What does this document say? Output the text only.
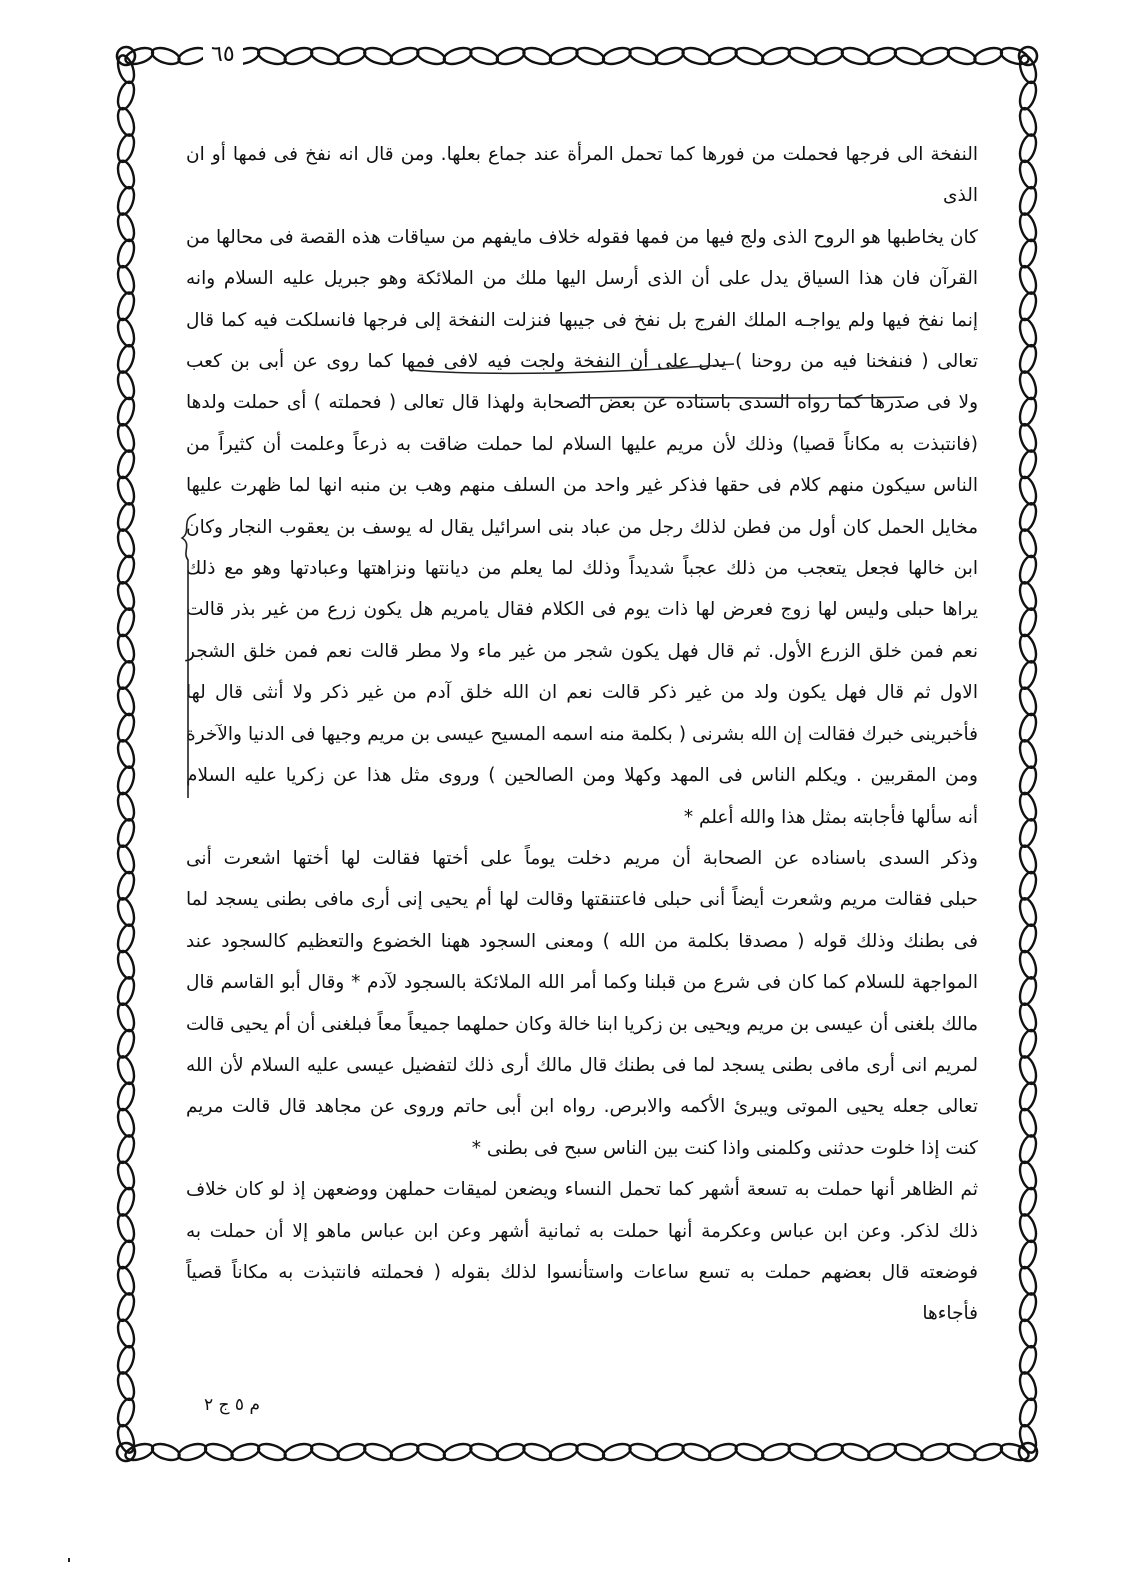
٦٥

النفخة الى فرجها فحملت من فورها كما تحمل المرأة عند جماع بعلها. ومن قال انه نفخ فى فمها أو ان الذى
كان يخاطبها هو الروح الذى ولج فيها من فمها فقوله خلاف مايفهم من سياقات هذه القصة فى محالها من
القرآن فان هذا السياق يدل على أن الذى أرسل اليها ملك من الملائكة وهو جبريل عليه السلام وانه
إنما نفخ فيها ولم يواجـه الملك الفرج بل نفخ فى جيبها فنزلت النفخة إلى فرجها فانسلكت فيه كما قال
تعالى ( فنفخنا فيه من روحنا ) يدل على أن النفخة ولجت فيه لافى فمها كما روى عن أبى بن كعب
ولا فى صدرها كما رواه السدى باسناده عن بعض الصحابة ولهذا قال تعالى ( فحملته ) أى حملت ولدها
(فانتبذت به مكاناً قصيا) وذلك لأن مريم عليها السلام لما حملت ضاقت به ذرعاً وعلمت أن كثيراً من
الناس سيكون منهم كلام فى حقها فذكر غير واحد من السلف منهم وهب بن منبه انها لما ظهرت عليها
مخايل الحمل كان أول من فطن لذلك رجل من عباد بنى اسرائيل يقال له يوسف بن يعقوب النجار وكان
ابن خالها فجعل يتعجب من ذلك عجباً شديداً وذلك لما يعلم من ديانتها ونزاهتها وعبادتها وهو مع ذلك
يراها حبلى وليس لها زوج فعرض لها ذات يوم فى الكلام فقال يامريم هل يكون زرع من غير بذر قالت
نعم فمن خلق الزرع الأول. ثم قال فهل يكون شجر من غير ماء ولا مطر قالت نعم فمن خلق الشجر
الاول ثم قال فهل يكون ولد من غير ذكر قالت نعم ان الله خلق آدم من غير ذكر ولا أنثى قال لها
فأخبرينى خبرك فقالت إن الله بشرنى ( بكلمة منه اسمه المسيح عيسى بن مريم وجيها فى الدنيا والآخرة
ومن المقربين . ويكلم الناس فى المهد وكهلا ومن الصالحين ) وروى مثل هذا عن زكريا عليه السلام
أنه سألها فأجابته بمثل هذا والله أعلم *

وذكر السدى باسناده عن الصحابة أن مريم دخلت يوماً على أختها فقالت لها أختها اشعرت أنى
حبلى فقالت مريم وشعرت أيضاً أنى حبلى فاعتنقتها وقالت لها أم يحيى إنى أرى مافى بطنى يسجد لما
فى بطنك وذلك قوله ( مصدقا بكلمة من الله ) ومعنى السجود ههنا الخضوع والتعظيم كالسجود عند
المواجهة للسلام كما كان فى شرع من قبلنا وكما أمر الله الملائكة بالسجود لآدم * وقال أبو القاسم قال
مالك بلغنى أن عيسى بن مريم ويحيى بن زكريا ابنا خالة وكان حملهما جميعاً معاً فبلغنى أن أم يحيى قالت
لمريم انى أرى مافى بطنى يسجد لما فى بطنك قال مالك أرى ذلك لتفضيل عيسى عليه السلام لأن الله
تعالى جعله يحيى الموتى ويبرئ الأكمه والابرص. رواه ابن أبى حاتم وروى عن مجاهد قال قالت مريم
كنت إذا خلوت حدثنى وكلمنى واذا كنت بين الناس سبح فى بطنى *

ثم الظاهر أنها حملت به تسعة أشهر كما تحمل النساء ويضعن لميقات حملهن ووضعهن إذ لو كان خلاف
ذلك لذكر. وعن ابن عباس وعكرمة أنها حملت به ثمانية أشهر وعن ابن عباس ماهو إلا أن حملت به
فوضعته قال بعضهم حملت به تسع ساعات واستأنسوا لذلك بقوله ( فحملته فانتبذت به مكاناً قصياً فأجاءها

م ٥ ج ٢
